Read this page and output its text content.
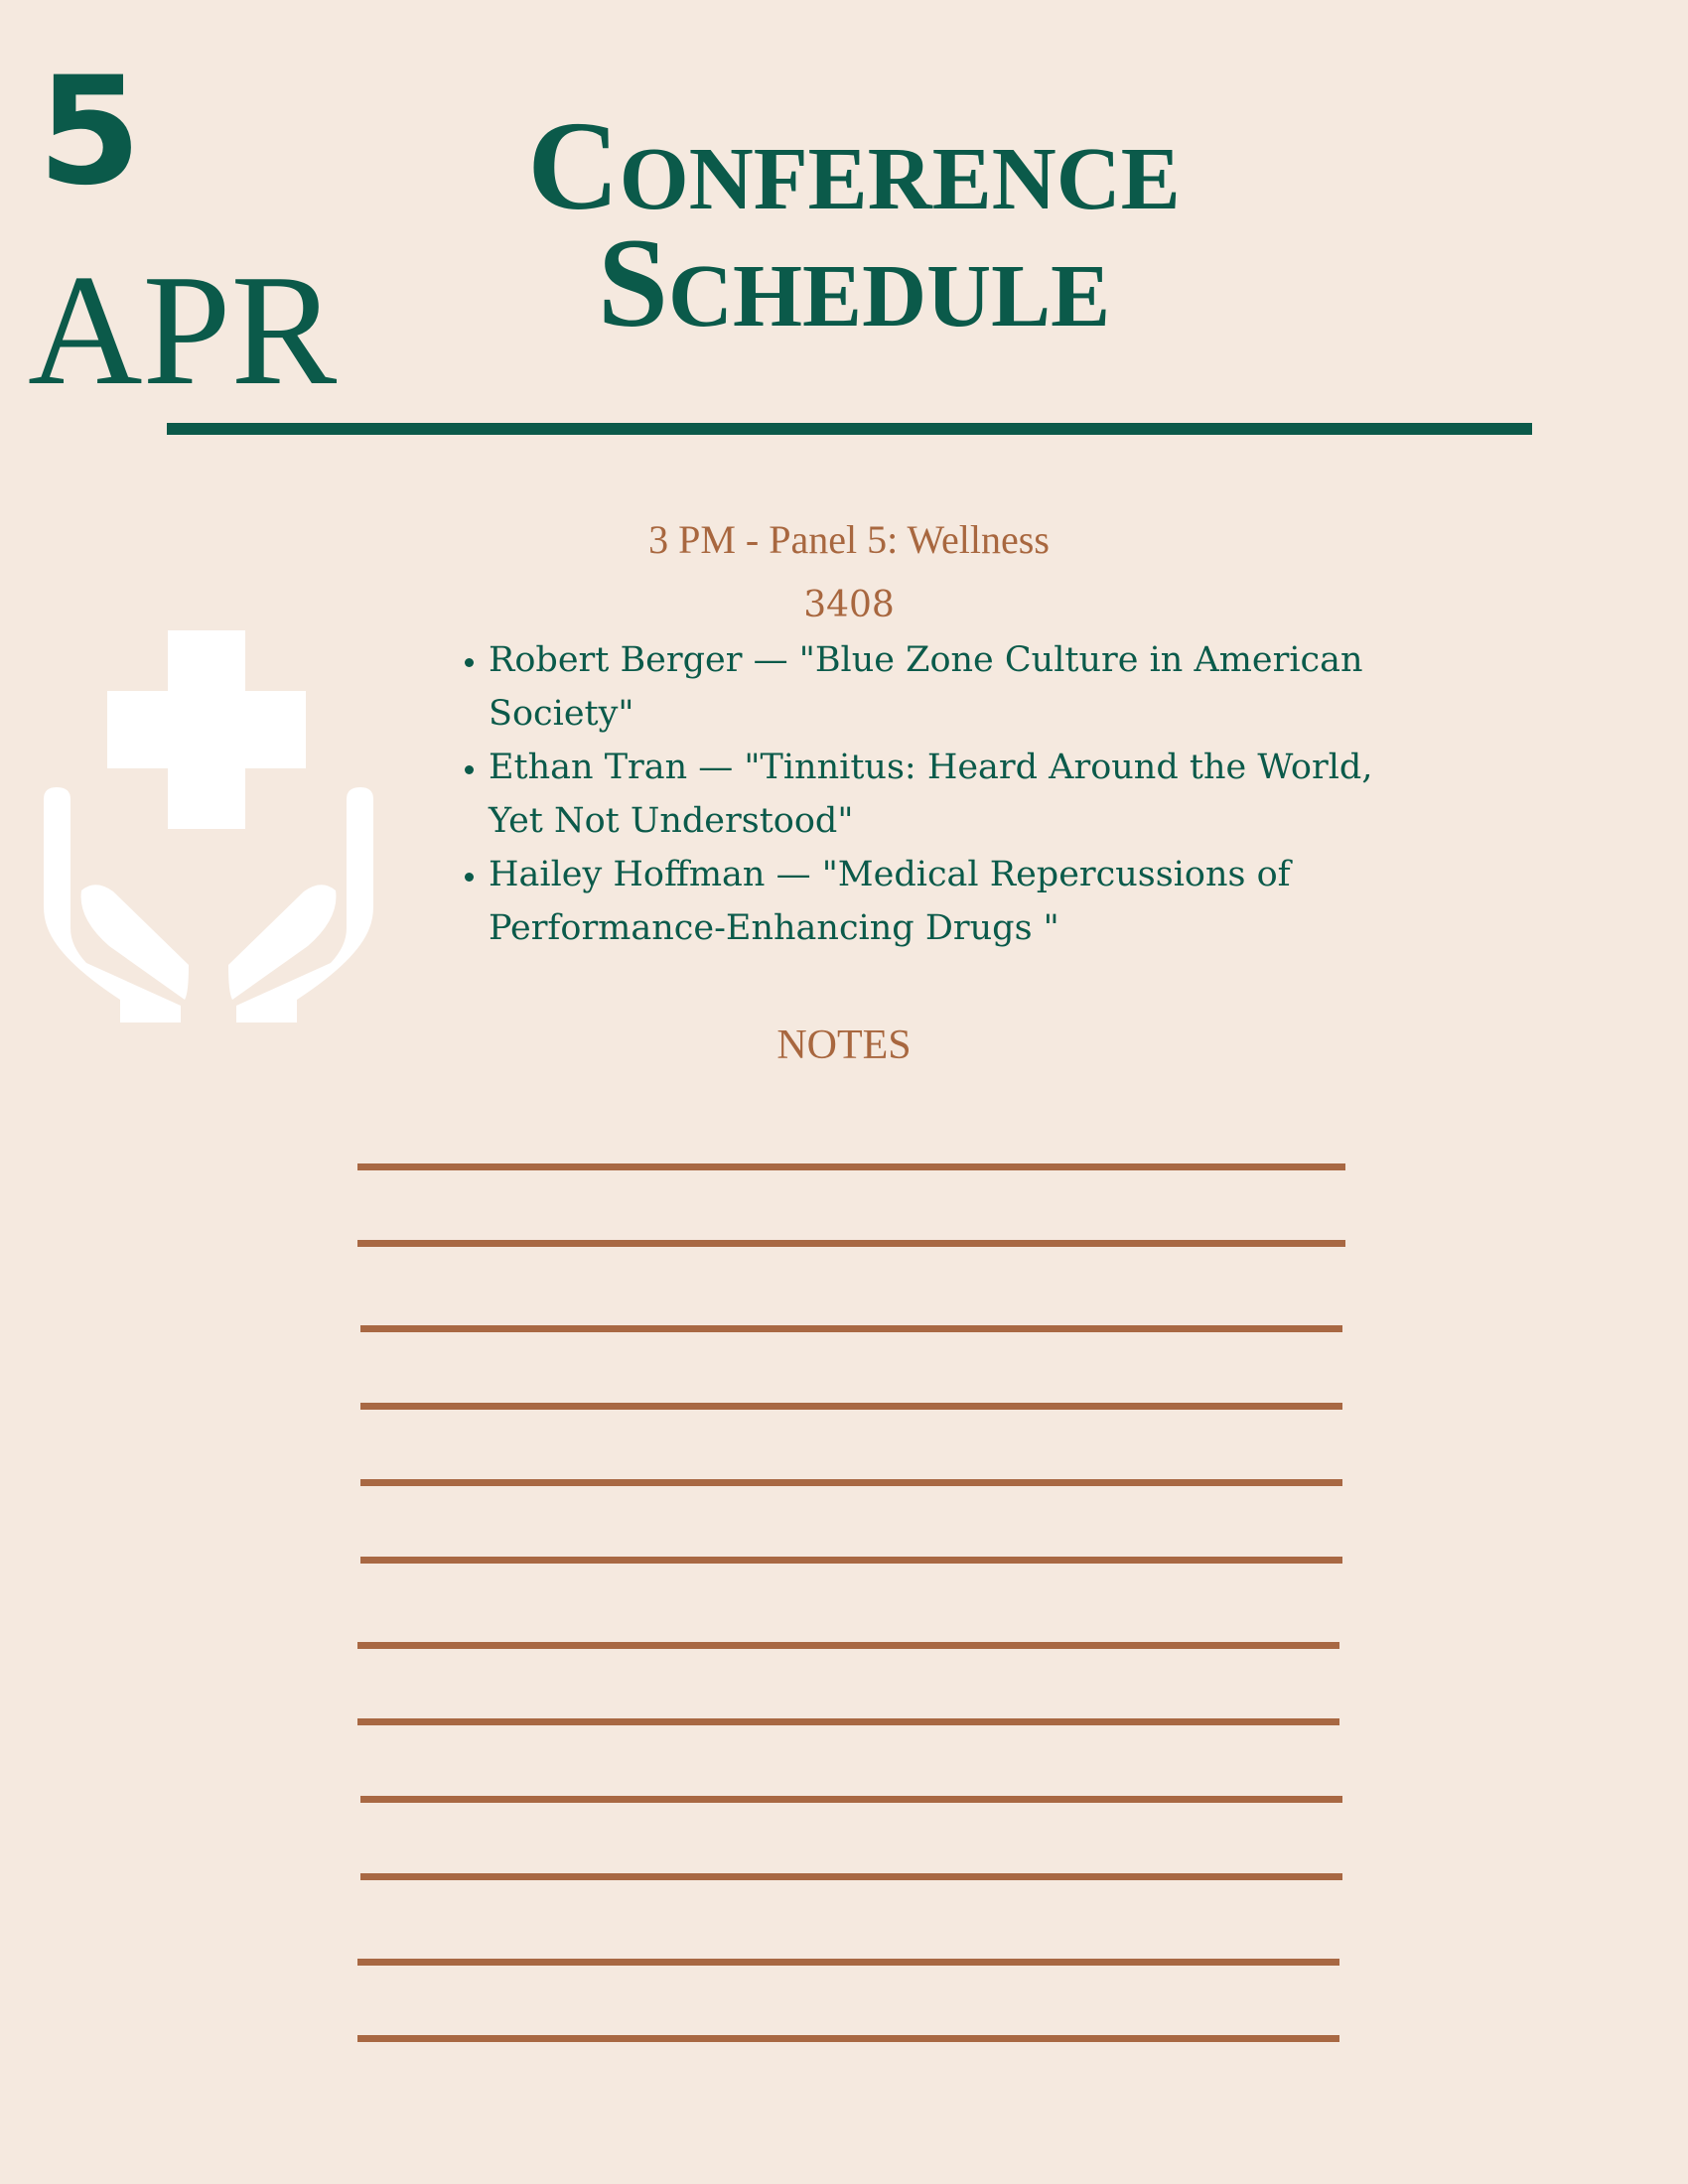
5
APR
Conference
Schedule
3 PM - Panel 5: Wellness
3408
• Robert Berger — "Blue Zone Culture in American Society"
• Ethan Tran — "Tinnitus: Heard Around the World, Yet Not Understood"
• Hailey Hoffman — "Medical Repercussions of Performance-Enhancing Drugs "
NOTES
